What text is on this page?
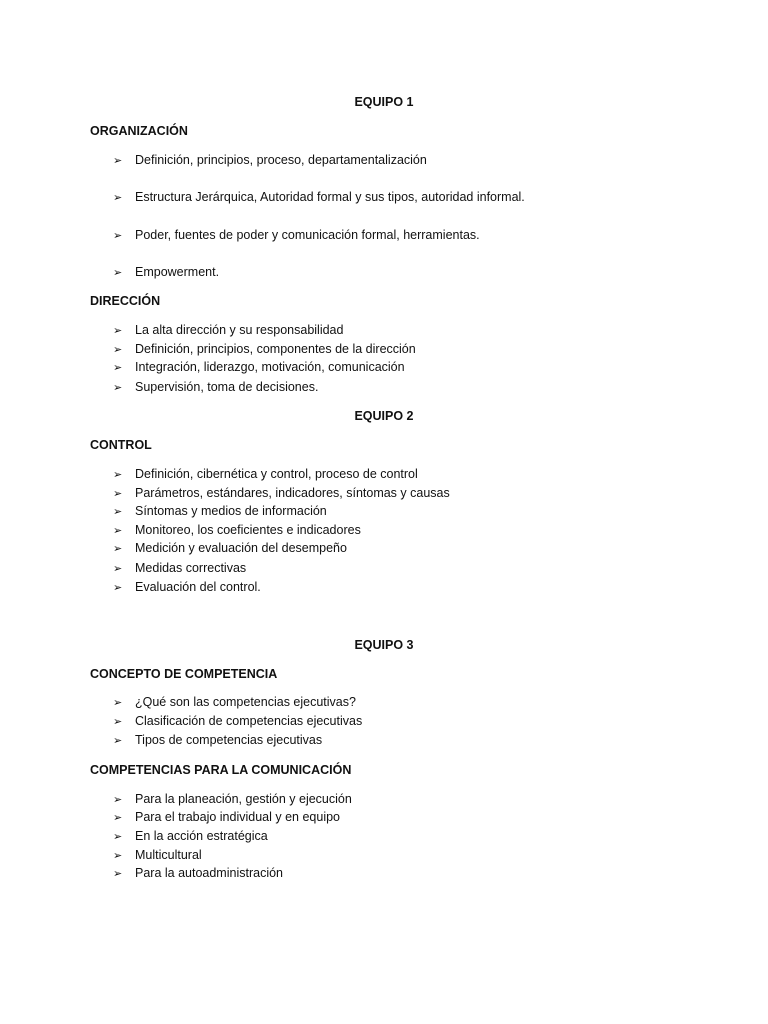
EQUIPO 1
ORGANIZACIÓN
➢ Definición, principios, proceso, departamentalización
➢ Estructura Jerárquica, Autoridad formal y sus tipos, autoridad informal.
➢ Poder, fuentes de poder y comunicación formal, herramientas.
➢ Empowerment.
DIRECCIÓN
➢ La alta dirección y su responsabilidad
➢ Definición, principios, componentes de la dirección
➢ Integración, liderazgo, motivación, comunicación
➢ Supervisión, toma de decisiones.
EQUIPO 2
CONTROL
➢ Definición, cibernética y control, proceso de control
➢ Parámetros, estándares, indicadores, síntomas y causas
➢ Síntomas y medios de información
➢ Monitoreo, los coeficientes e indicadores
➢ Medición y evaluación del desempeño
➢ Medidas correctivas
➢ Evaluación del control.
EQUIPO 3
CONCEPTO DE COMPETENCIA
➢ ¿Qué son las competencias ejecutivas?
➢ Clasificación de competencias ejecutivas
➢ Tipos de competencias ejecutivas
COMPETENCIAS PARA LA COMUNICACIÓN
➢ Para la planeación, gestión y ejecución
➢ Para el trabajo individual y en equipo
➢ En la acción estratégica
➢ Multicultural
➢ Para la autoadministración
